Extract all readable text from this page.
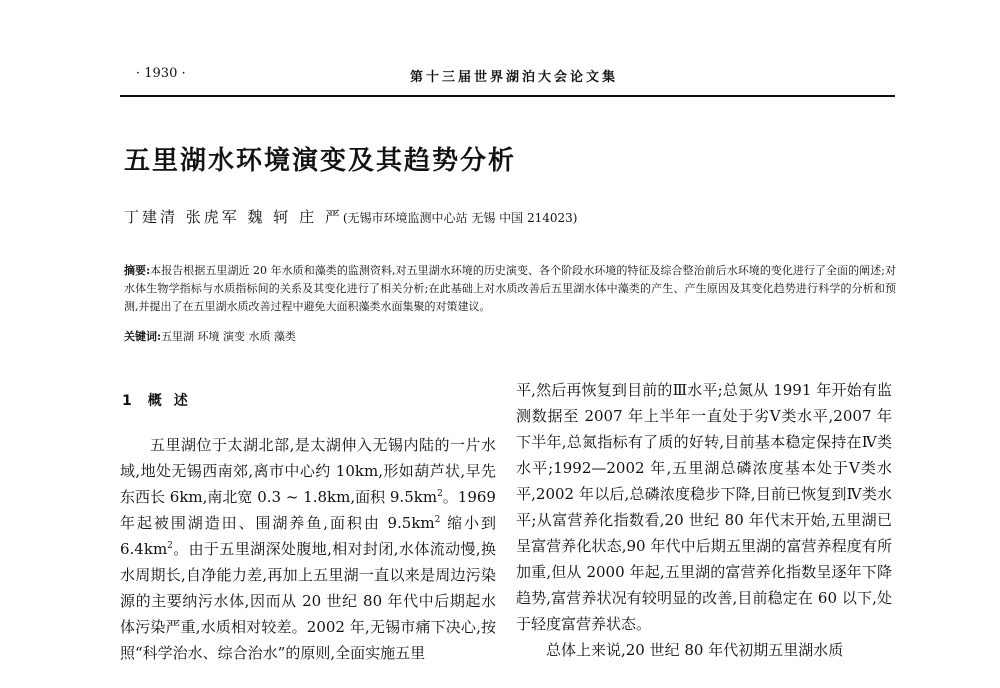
· 1930 ·	第十三届世界湖泊大会论文集
五里湖水环境演变及其趋势分析
丁建清 张虎军 魏 轲 庄 严(无锡市环境监测中心站 无锡 中国 214023)
摘要:本报告根据五里湖近 20 年水质和藻类的监测资料,对五里湖水环境的历史演变、各个阶段水环境的特征及综合整治前后水环境的变化进行了全面的阐述;对水体生物学指标与水质指标间的关系及其变化进行了相关分析;在此基础上对水质改善后五里湖水体中藻类的产生、产生原因及其变化趋势进行科学的分析和预测,并提出了在五里湖水质改善过程中避免大面积藻类水面集聚的对策建议。
关键词:五里湖 环境 演变 水质 藻类
1 概述

五里湖位于太湖北部,是太湖伸入无锡内陆的一片水域,地处无锡西南郊,离市中心约 10km,形如葫芦状,早先东西长 6km,南北宽 0.3 ~ 1.8km,面积 $9.5km^2$。1969 年起被围湖造田、围湖养鱼,面积由 $9.5km^2$ 缩小到 $6.4km^2$。由于五里湖深处腹地,相对封闭,水体流动慢,换水周期长,自净能力差,再加上五里湖一直以来是周边污染源的主要纳污水体,因而从 20 世纪 80 年代中后期起水体污染严重,水质相对较差。2002 年,无锡市痛下决心,按照“科学治水、综合治水”的原则,全面实施五里

平,然后再恢复到目前的Ⅲ水平;总氮从 1991 年开始有监测数据至 2007 年上半年一直处于劣Ⅴ类水平,2007 年下半年,总氮指标有了质的好转,目前基本稳定保持在Ⅳ类水平;1992—2002 年,五里湖总磷浓度基本处于Ⅴ类水平,2002 年以后,总磷浓度稳步下降,目前已恢复到Ⅳ类水平;从富营养化指数看,20 世纪 80 年代末开始,五里湖已呈富营养化状态,90 年代中后期五里湖的富营养程度有所加重,但从 2000 年起,五里湖的富营养化指数呈逐年下降趋势,富营养状况有较明显的改善,目前稳定在 60 以下,处于轻度富营养状态。

总体上来说,20 世纪 80 年代初期五里湖水质
